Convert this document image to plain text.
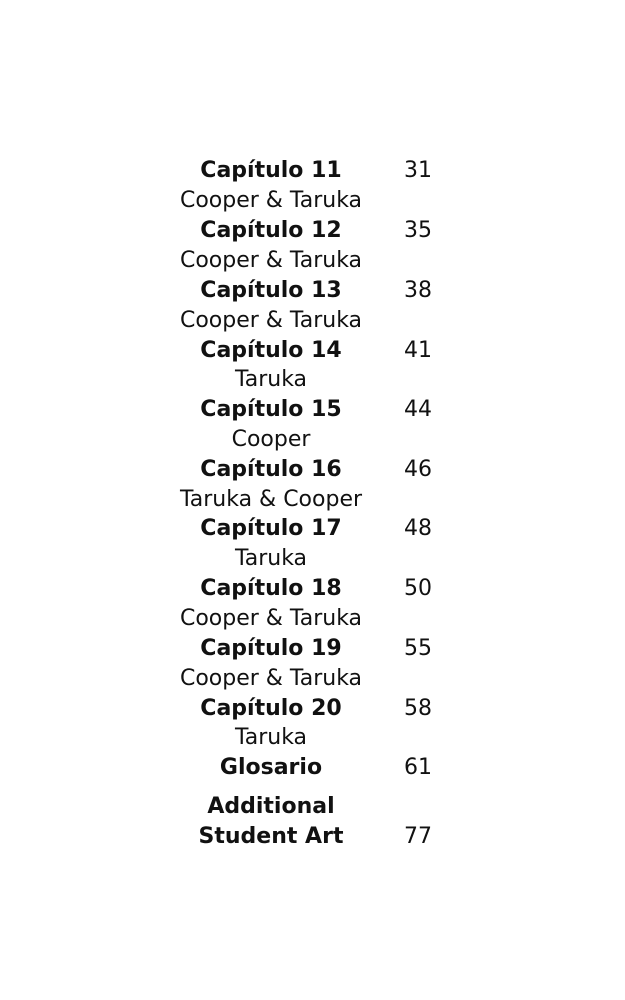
Capítulo 11	31
Cooper & Taruka
Capítulo 12	35
Cooper & Taruka
Capítulo 13	38
Cooper & Taruka
Capítulo 14	41
Taruka
Capítulo 15	44
Cooper
Capítulo 16	46
Taruka & Cooper
Capítulo 17	48
Taruka
Capítulo 18	50
Cooper & Taruka
Capítulo 19	55
Cooper & Taruka
Capítulo 20	58
Taruka
Glosario	61
Additional
Student Art	77
